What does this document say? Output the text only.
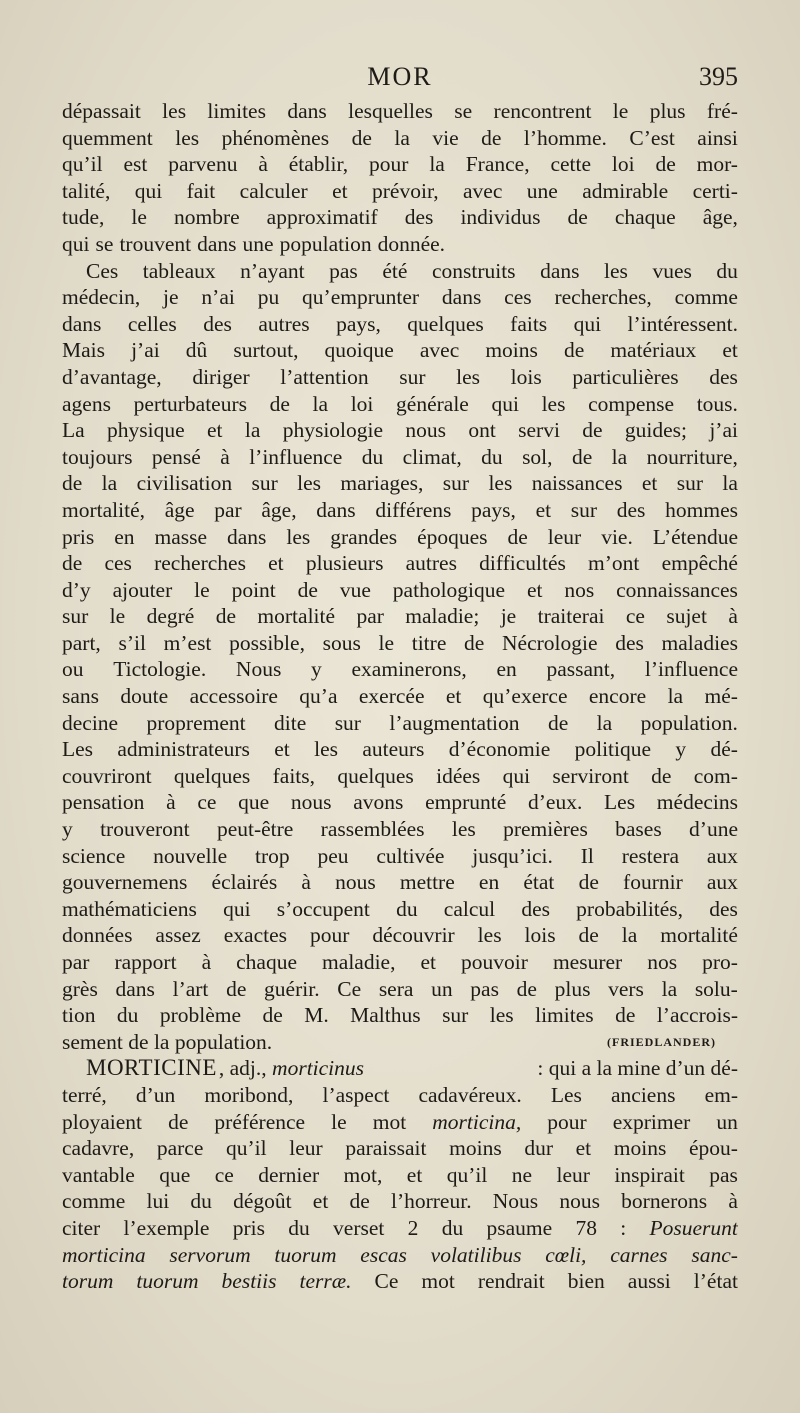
MOR	395
dépassait les limites dans lesquelles se rencontrent le plus fré-
quemment les phénomènes de la vie de l’homme. C’est ainsi
qu’il est parvenu à établir, pour la France, cette loi de mor-
talité, qui fait calculer et prévoir, avec une admirable certi-
tude, le nombre approximatif des individus de chaque âge,
qui se trouvent dans une population donnée.
Ces tableaux n’ayant pas été construits dans les vues du
médecin, je n’ai pu qu’emprunter dans ces recherches, comme
dans celles des autres pays, quelques faits qui l’intéressent.
Mais j’ai dû surtout, quoique avec moins de matériaux et
d’avantage, diriger l’attention sur les lois particulières des
agens perturbateurs de la loi générale qui les compense tous.
La physique et la physiologie nous ont servi de guides; j’ai
toujours pensé à l’influence du climat, du sol, de la nourriture,
de la civilisation sur les mariages, sur les naissances et sur la
mortalité, âge par âge, dans différens pays, et sur des hommes
pris en masse dans les grandes époques de leur vie. L’étendue
de ces recherches et plusieurs autres difficultés m’ont empêché
d’y ajouter le point de vue pathologique et nos connaissances
sur le degré de mortalité par maladie; je traiterai ce sujet à
part, s’il m’est possible, sous le titre de Nécrologie des maladies
ou Tictologie. Nous y examinerons, en passant, l’influence
sans doute accessoire qu’a exercée et qu’exerce encore la mé-
decine proprement dite sur l’augmentation de la population.
Les administrateurs et les auteurs d’économie politique y dé-
couvriront quelques faits, quelques idées qui serviront de com-
pensation à ce que nous avons emprunté d’eux. Les médecins
y trouveront peut-être rassemblées les premières bases d’une
science nouvelle trop peu cultivée jusqu’ici. Il restera aux
gouvernemens éclairés à nous mettre en état de fournir aux
mathématiciens qui s’occupent du calcul des probabilités, des
données assez exactes pour découvrir les lois de la mortalité
par rapport à chaque maladie, et pouvoir mesurer nos pro-
grès dans l’art de guérir. Ce sera un pas de plus vers la solu-
tion du problème de M. Malthus sur les limites de l’accrois-
sement de la population.	(FRIEDLANDER)
MORTICINE , adj., morticinus	: qui a la mine d’un dé-
terré, d’un moribond, l’aspect cadavéreux. Les anciens em-
ployaient de préférence le mot morticina, pour exprimer un
cadavre, parce qu’il leur paraissait moins dur et moins épou-
vantable que ce dernier mot, et qu’il ne leur inspirait pas
comme lui du dégoût et de l’horreur. Nous nous bornerons à
citer l’exemple pris du verset 2 du psaume 78 : Posuerunt
morticina servorum tuorum escas volatilibus cœli, carnes sanc-
torum tuorum bestiis terræ. Ce mot rendrait bien aussi l’état
